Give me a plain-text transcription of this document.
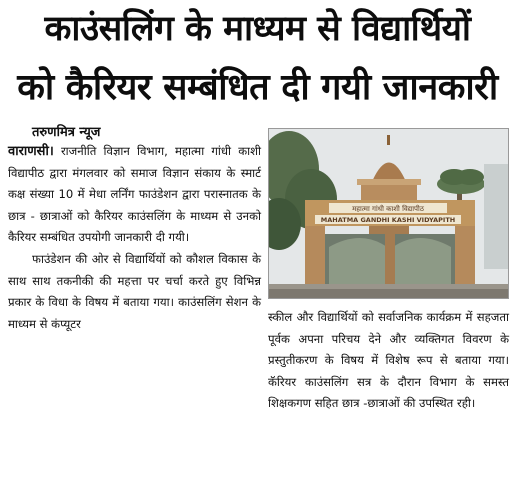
काउंसलिंग के माध्यम से विद्यार्थियों
को कैरियर सम्बंधित दी गयी जानकारी
तरुणमित्र न्यूज

वाराणसी। राजनीति विज्ञान विभाग, महात्मा गांधी काशी विद्यापीठ द्वारा मंगलवार को समाज विज्ञान संकाय के स्मार्ट कक्ष संख्या 10 में मेधा लर्निंग फाउंडेशन द्वारा परास्नातक के छात्र - छात्राओं को कैरियर काउंसलिंग के माध्यम से उनको कैरियर सम्बंधित उपयोगी जानकारी दी गयी।

फाउंडेशन की ओर से विद्यार्थियों को कौशल विकास के साथ साथ तकनीकी की महत्ता पर चर्चा करते हुए विभिन्न प्रकार के विधा के विषय में बताया गया। काउंसलिंग सेशन के माध्यम से कंप्यूटर

महात्मा गांधी काशी विद्यापीठ
MAHATMA GANDHI KASHI VIDYAPITH

स्कील और विद्यार्थियों को सर्वाजनिक कार्यक्रम में सहजता पूर्वक अपना परिचय देने और व्यक्तिगत विवरण के प्रस्तुतीकरण के विषय में विशेष रूप से बताया गया। कॅरियर काउंसलिंग सत्र के दौरान विभाग के समस्त शिक्षकगण सहित छात्र -छात्राओं की उपस्थित रही।
